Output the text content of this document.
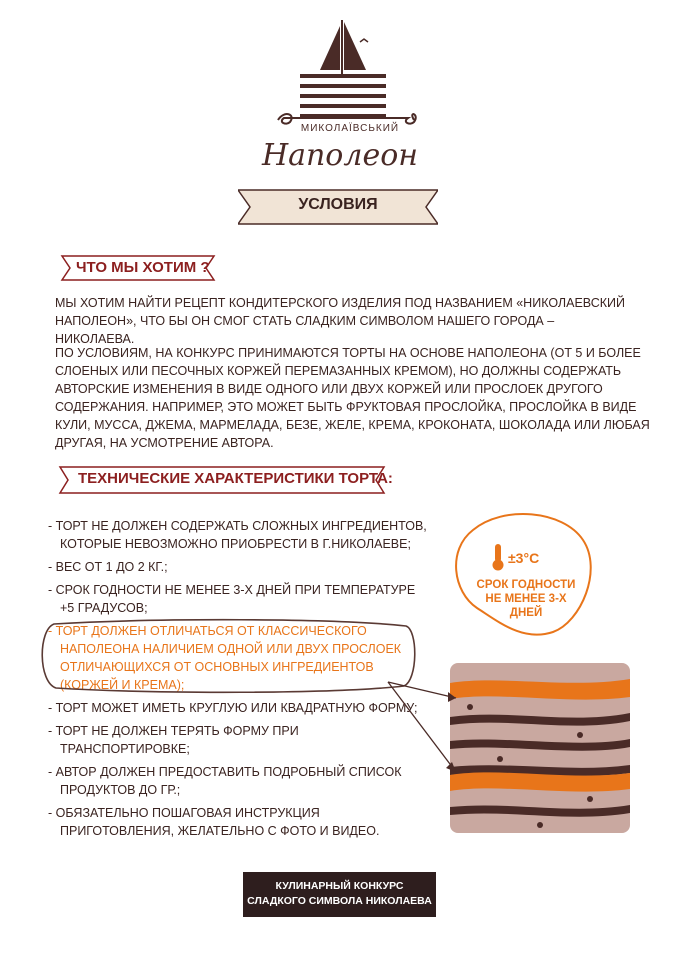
МИКОЛАЇВСЬКИЙ
Наполеон
УСЛОВИЯ
ЧТО МЫ ХОТИМ ?
МЫ ХОТИМ НАЙТИ РЕЦЕПТ КОНДИТЕРСКОГО ИЗДЕЛИЯ ПОД НАЗВАНИЕМ «НИКОЛАЕВСКИЙ НАПОЛЕОН», ЧТО БЫ ОН СМОГ СТАТЬ СЛАДКИМ СИМВОЛОМ НАШЕГО ГОРОДА – НИКОЛАЕВА.
ПО УСЛОВИЯМ, НА КОНКУРС ПРИНИМАЮТСЯ ТОРТЫ НА ОСНОВЕ НАПОЛЕОНА (ОТ 5 И БОЛЕЕ СЛОЕНЫХ ИЛИ ПЕСОЧНЫХ КОРЖЕЙ ПЕРЕМАЗАННЫХ КРЕМОМ), НО ДОЛЖНЫ СОДЕРЖАТЬ АВТОРСКИЕ ИЗМЕНЕНИЯ В ВИДЕ ОДНОГО ИЛИ ДВУХ КОРЖЕЙ ИЛИ ПРОСЛОЕК ДРУГОГО СОДЕРЖАНИЯ. НАПРИМЕР, ЭТО МОЖЕТ БЫТЬ ФРУКТОВАЯ ПРОСЛОЙКА, ПРОСЛОЙКА В ВИДЕ КУЛИ, МУССА, ДЖЕМА, МАРМЕЛАДА, БЕЗЕ, ЖЕЛЕ, КРЕМА, КРОКОНАТА, ШОКОЛАДА ИЛИ ЛЮБАЯ ДРУГАЯ, НА УСМОТРЕНИЕ АВТОРА.
ТЕХНИЧЕСКИЕ ХАРАКТЕРИСТИКИ ТОРТА:
- ТОРТ НЕ ДОЛЖЕН СОДЕРЖАТЬ СЛОЖНЫХ ИНГРЕДИЕНТОВ, КОТОРЫЕ НЕВОЗМОЖНО ПРИОБРЕСТИ В Г.НИКОЛАЕВЕ;
- ВЕС ОТ 1 ДО 2 КГ.;
- СРОК ГОДНОСТИ НЕ МЕНЕЕ 3-Х ДНЕЙ ПРИ ТЕМПЕРАТУРЕ +5 ГРАДУСОВ;
- ТОРТ ДОЛЖЕН ОТЛИЧАТЬСЯ ОТ КЛАССИЧЕСКОГО НАПОЛЕОНА НАЛИЧИЕМ ОДНОЙ ИЛИ ДВУХ ПРОСЛОЕК ОТЛИЧАЮЩИХСЯ ОТ ОСНОВНЫХ ИНГРЕДИЕНТОВ (КОРЖЕЙ И КРЕМА);
- ТОРТ МОЖЕТ ИМЕТЬ КРУГЛУЮ ИЛИ КВАДРАТНУЮ ФОРМУ;
- ТОРТ НЕ ДОЛЖЕН ТЕРЯТЬ ФОРМУ ПРИ ТРАНСПОРТИРОВКЕ;
- АВТОР ДОЛЖЕН ПРЕДОСТАВИТЬ ПОДРОБНЫЙ СПИСОК ПРОДУКТОВ ДО ГР.;
- ОБЯЗАТЕЛЬНО ПОШАГОВАЯ ИНСТРУКЦИЯ ПРИГОТОВЛЕНИЯ, ЖЕЛАТЕЛЬНО С ФОТО И ВИДЕО.
±3°С
СРОК ГОДНОСТИ НЕ МЕНЕЕ 3-Х ДНЕЙ
КУЛИНАРНЫЙ КОНКУРС
СЛАДКОГО СИМВОЛА НИКОЛАЕВА
